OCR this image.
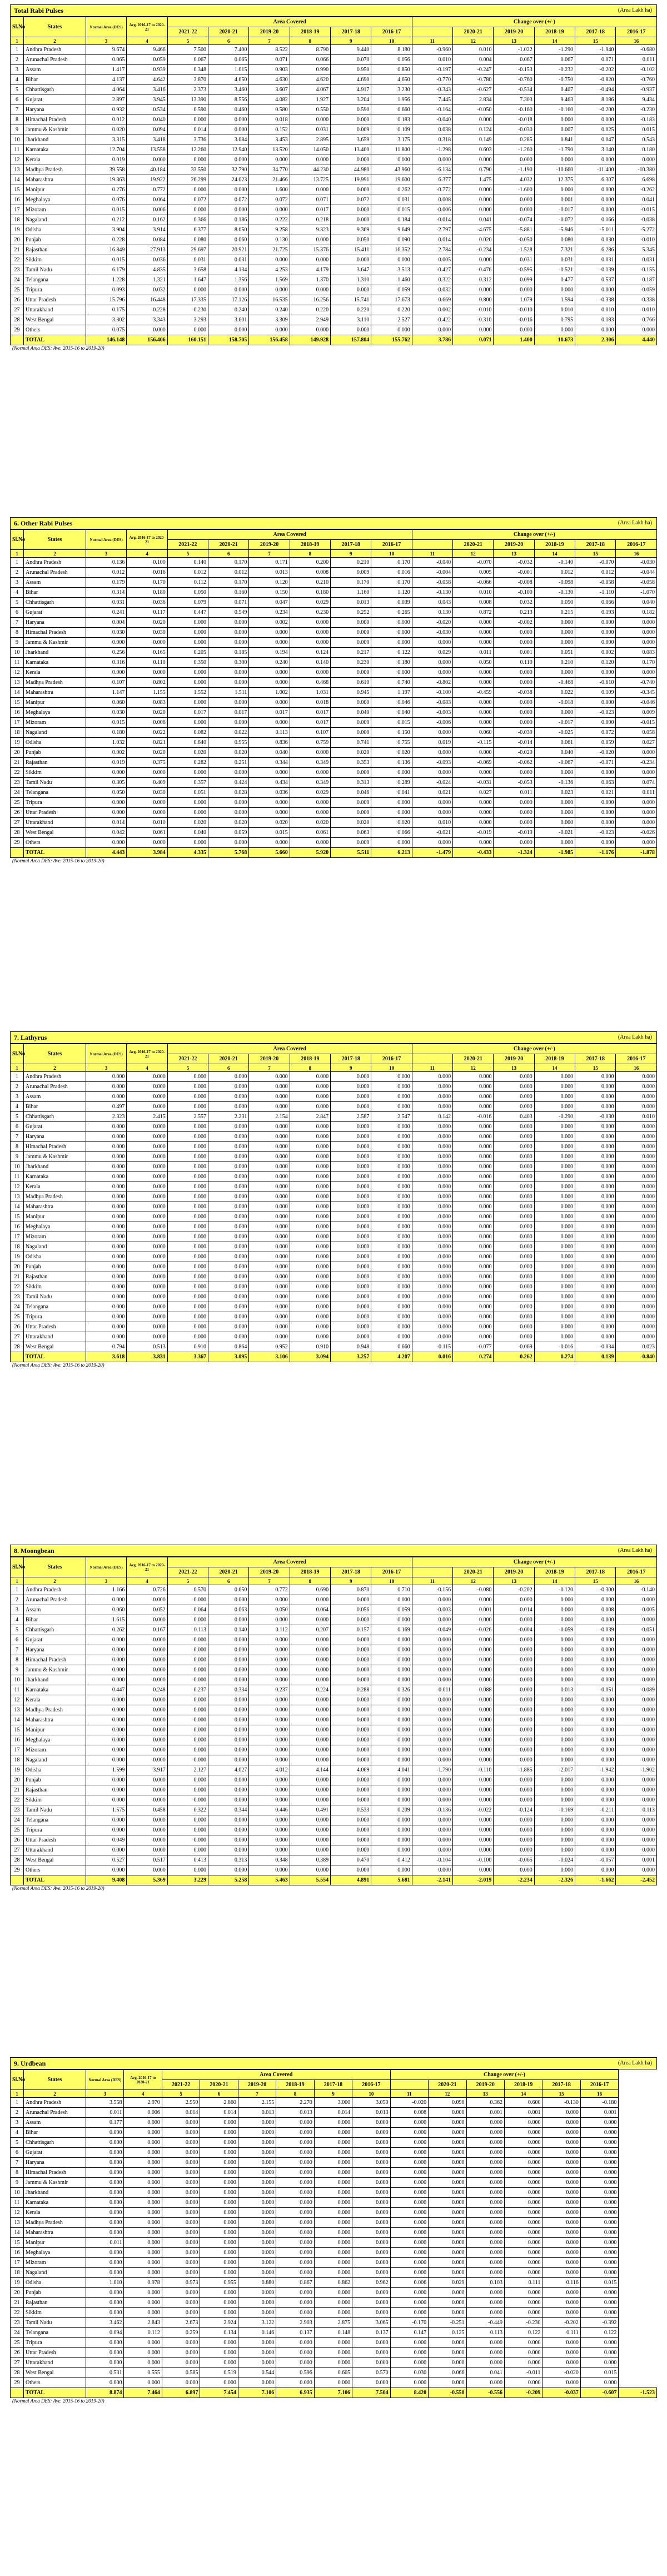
Total Rabi Pulses	(Area Lakh ha)
Sl.No	States	Normal Area (DES)	Avg. 2016-17 to 2020-21	Area Covered						Change over (+/-)					
				2021-22	2020-21	2019-20	2018-19	2017-18	2016-17		2020-21	2019-20	2018-19	2017-18	2016-17
1	2	3	4	5	6	7	8	9	10	11	12	13	14	15	16
1	Andhra Pradesh	9.674	9.466	7.500	7.400	8.522	8.790	9.440	8.180	-0.960	0.010	-1.022	-1.290	-1.940	-0.680
2	Arunachal Pradesh	0.065	0.059	0.067	0.065	0.071	0.066	0.070	0.056	0.010	0.004	0.067	0.067	0.071	0.011
3	Assam	1.417	0.939	0.348	1.015	0.903	0.990	0.950	0.850	-0.197	-0.247	-0.153	-0.232	-0.202	-0.102
4	Bihar	4.137	4.642	3.870	4.650	4.630	4.620	4.690	4.650	-0.770	-0.780	-0.760	-0.750	-0.820	-0.760
5	Chhattisgarh	4.064	3.416	2.373	3.460	3.607	4.067	4.917	3.230	-0.343	-0.627	-0.534	0.407	-0.494	-0.937
6	Gujarat	2.897	3.945	13.390	8.556	4.082	1.927	3.204	1.956	7.445	2.834	7.303	9.463	8.186	9.434
7	Haryana	0.932	0.534	0.590	0.460	0.580	0.550	0.590	0.660	-0.164	-0.050	-0.160	-0.160	-0.200	-0.230
8	Himachal Pradesh	0.012	0.040	0.000	0.000	0.018	0.000	0.000	0.183	-0.040	0.000	-0.018	0.000	0.000	-0.183
9	Jammu & Kashmir	0.020	0.094	0.014	0.000	0.152	0.031	0.009	0.109	0.038	0.124	-0.030	0.007	0.025	0.015
10	Jharkhand	3.315	3.418	3.736	3.084	3.453	2.895	3.659	3.175	0.318	0.149	0.285	0.841	0.047	0.543
11	Karnataka	12.704	13.558	12.260	12.940	13.520	14.050	13.400	11.800	-1.298	0.603	-1.260	-1.790	3.140	0.180
12	Kerala	0.019	0.000	0.000	0.000	0.000	0.000	0.000	0.000	0.000	0.000	0.000	0.000	0.000	0.000
13	Madhya Pradesh	39.558	40.184	33.550	32.790	34.770	44.230	44.980	43.960	-6.134	0.790	-1.190	-10.660	-11.400	-10.380
14	Maharashtra	19.363	19.922	26.299	24.023	21.466	13.725	19.991	19.600	6.377	1.475	4.032	12.375	6.307	6.698
15	Manipur	0.276	0.772	0.000	0.000	1.600	0.000	0.000	0.262	-0.772	0.000	-1.600	0.000	0.000	-0.262
16	Meghalaya	0.076	0.064	0.072	0.072	0.072	0.071	0.072	0.031	0.008	0.000	0.000	0.001	0.000	0.041
17	Mizoram	0.015	0.006	0.000	0.000	0.000	0.017	0.000	0.015	-0.006	0.000	0.000	-0.017	0.000	-0.015
18	Nagaland	0.212	0.162	0.366	0.186	0.222	0.218	0.000	0.184	-0.014	0.041	-0.074	-0.072	0.166	-0.038
19	Odisha	3.904	3.914	6.377	8.050	9.258	9.323	9.369	9.649	-2.797	-4.675	-5.881	-5.946	-5.011	-5.272
20	Punjab	0.228	0.084	0.080	0.060	0.130	0.000	0.050	0.090	0.014	0.020	-0.050	0.080	0.030	-0.010
21	Rajasthan	16.849	27.913	29.697	20.921	21.725	15.376	15.411	16.352	2.784	-0.234	-1.528	7.321	6.286	5.345
22	Sikkim	0.015	0.036	0.031	0.031	0.000	0.000	0.000	0.000	0.005	0.000	0.031	0.031	0.031	0.031
23	Tamil Nadu	6.179	4.835	3.658	4.134	4.253	4.179	3.647	3.513	-0.427	-0.476	-0.595	-0.521	-0.139	-0.155
24	Telangana	1.228	1.321	1.647	1.356	1.569	1.370	1.310	1.460	0.322	0.312	0.099	0.477	0.537	0.187
25	Tripura	0.093	0.032	0.000	0.000	0.000	0.000	0.000	0.059	-0.032	0.000	0.000	0.000	0.000	-0.059
26	Uttar Pradesh	15.796	16.448	17.335	17.126	16.535	16.256	15.741	17.673	0.669	0.800	1.079	1.594	-0.338	-0.338
27	Uttarakhand	0.175	0.228	0.230	0.240	0.240	0.220	0.220	0.220	0.002	-0.010	-0.010	0.010	0.010	0.010
28	West Bengal	3.302	3.343	3.293	3.601	3.309	2.949	3.110	2.527	-0.422	-0.310	-0.016	0.795	0.183	0.766
29	Others	0.075	0.000	0.000	0.000	0.000	0.000	0.000	0.000	0.000	0.000	0.000	0.000	0.000	0.000
	TOTAL	146.148	156.406	160.151	158.705	156.458	149.928	157.804	155.762	3.786	0.071	1.400	10.673	2.306	4.440
(Normal Area DES: Ave. 2015-16 to 2019-20)
6. Other Rabi Pulses	(Area Lakh ha)
Sl.No	States	Normal Area (DES)	Avg. 2016-17 to 2020-21	Area Covered						Change over (+/-)					
				2021-22	2020-21	2019-20	2018-19	2017-18	2016-17		2020-21	2019-20	2018-19	2017-18	2016-17
1	2	3	4	5	6	7	8	9	10	11	12	13	14	15	16
1	Andhra Pradesh	0.136	0.100	0.140	0.170	0.171	0.200	0.210	0.170	-0.040	-0.070	-0.032	-0.140	-0.070	-0.030
2	Arunachal Pradesh	0.012	0.016	0.012	0.012	0.013	0.008	0.009	0.016	-0.004	0.005	-0.001	0.012	0.012	-0.044
3	Assam	0.179	0.170	0.112	0.170	0.120	0.210	0.170	0.170	-0.058	-0.066	-0.008	-0.098	-0.058	-0.058
4	Bihar	0.314	0.180	0.050	0.160	0.150	0.180	1.160	1.120	-0.130	0.010	-0.100	-0.130	-1.110	-1.070
5	Chhattisgarh	0.031	0.036	0.079	0.071	0.047	0.029	0.013	0.039	0.043	0.008	0.032	0.050	0.066	0.040
6	Gujarat	0.241	0.117	0.447	0.549	0.234	0.230	0.252	0.265	0.130	0.872	0.213	0.215	0.193	0.182
7	Haryana	0.004	0.020	0.000	0.000	0.002	0.000	0.000	0.000	-0.020	0.000	-0.002	0.000	0.000	0.000
8	Himachal Pradesh	0.030	0.030	0.000	0.000	0.000	0.000	0.000	0.000	-0.030	0.000	0.000	0.000	0.000	0.000
9	Jammu & Kashmir	0.000	0.000	0.000	0.000	0.000	0.000	0.000	0.000	0.000	0.000	0.000	0.000	0.000	0.000
10	Jharkhand	0.256	0.165	0.205	0.185	0.194	0.124	0.217	0.122	0.029	0.011	0.001	0.051	0.002	0.083
11	Karnataka	0.316	0.110	0.350	0.300	0.240	0.140	0.230	0.180	0.000	0.050	0.110	0.210	0.120	0.170
12	Kerala	0.000	0.000	0.000	0.000	0.000	0.000	0.000	0.000	0.000	0.000	0.000	0.000	0.000	0.000
13	Madhya Pradesh	0.107	0.802	0.000	0.000	0.000	0.468	0.610	0.740	-0.802	0.000	0.000	-0.468	-0.610	-0.740
14	Maharashtra	1.147	1.155	1.552	1.511	1.002	1.031	0.945	1.197	-0.100	-0.459	-0.038	0.022	0.109	-0.345
15	Manipur	0.060	0.083	0.000	0.000	0.000	0.018	0.000	0.046	-0.083	0.000	0.000	-0.018	0.000	-0.046
16	Meghalaya	0.030	0.020	0.017	0.017	0.017	0.017	0.040	0.040	-0.003	0.000	0.000	0.000	-0.023	0.009
17	Mizoram	0.015	0.006	0.000	0.000	0.000	0.017	0.000	0.015	-0.006	0.000	0.000	-0.017	0.000	-0.015
18	Nagaland	0.180	0.022	0.082	0.022	0.113	0.107	0.000	0.150	0.000	0.060	-0.039	-0.025	0.072	0.058
19	Odisha	1.032	0.821	0.840	0.955	0.836	0.759	0.741	0.755	0.019	-0.115	-0.014	0.061	0.059	0.027
20	Punjab	0.002	0.020	0.020	0.020	0.040	0.000	0.020	0.020	0.000	0.000	-0.020	0.040	-0.020	0.000
21	Rajasthan	0.019	0.375	0.282	0.251	0.344	0.349	0.353	0.136	-0.093	-0.069	-0.062	-0.067	-0.071	-0.234
22	Sikkim	0.000	0.000	0.000	0.000	0.000	0.000	0.000	0.000	0.000	0.000	0.000	0.000	0.000	0.000
23	Tamil Nadu	0.305	0.409	0.357	0.424	0.434	0.349	0.313	0.289	-0.024	-0.031	-0.053	-0.136	0.063	0.074
24	Telangana	0.050	0.030	0.051	0.028	0.036	0.029	0.046	0.041	0.021	0.027	0.011	0.023	0.021	0.011
25	Tripura	0.000	0.000	0.000	0.000	0.000	0.000	0.000	0.000	0.000	0.000	0.000	0.000	0.000	0.000
26	Uttar Pradesh	0.000	0.000	0.000	0.000	0.000	0.000	0.000	0.000	0.000	0.000	0.000	0.000	0.000	0.000
27	Uttarakhand	0.014	0.010	0.020	0.020	0.020	0.020	0.020	0.020	0.010	0.000	0.000	0.000	0.000	0.000
28	West Bengal	0.042	0.061	0.040	0.059	0.015	0.061	0.063	0.066	-0.021	-0.019	-0.019	-0.021	-0.023	-0.026
29	Others	0.000	0.000	0.000	0.000	0.000	0.000	0.000	0.000	0.000	0.000	0.000	0.000	0.000	0.000
	TOTAL	4.443	3.984	4.335	5.768	5.660	5.920	5.511	6.213	-1.479	-0.433	-1.324	-1.985	-1.176	-1.878
(Normal Area DES: Ave. 2015-16 to 2019-20)
7. Lathyrus	(Area Lakh ha)
Sl.No	States	Normal Area (DES)	Avg. 2016-17 to 2020-21	Area Covered						Change over (+/-)					
				2021-22	2020-21	2019-20	2018-19	2017-18	2016-17		2020-21	2019-20	2018-19	2017-18	2016-17
1	2	3	4	5	6	7	8	9	10	11	12	13	14	15	16
1	Andhra Pradesh	0.000	0.000	0.000	0.000	0.000	0.000	0.000	0.000	0.000	0.000	0.000	0.000	0.000	0.000
2	Arunachal Pradesh	0.000	0.000	0.000	0.000	0.000	0.000	0.000	0.000	0.000	0.000	0.000	0.000	0.000	0.000
3	Assam	0.000	0.000	0.000	0.000	0.000	0.000	0.000	0.000	0.000	0.000	0.000	0.000	0.000	0.000
4	Bihar	0.497	0.000	0.000	0.000	0.000	0.000	0.000	0.000	0.000	0.000	0.000	0.000	0.000	0.000
5	Chhattisgarh	2.323	2.415	2.557	2.231	2.154	2.847	2.587	2.547	0.142	-0.016	0.403	-0.290	-0.030	0.010
6	Gujarat	0.000	0.000	0.000	0.000	0.000	0.000	0.000	0.000	0.000	0.000	0.000	0.000	0.000	0.000
7	Haryana	0.000	0.000	0.000	0.000	0.000	0.000	0.000	0.000	0.000	0.000	0.000	0.000	0.000	0.000
8	Himachal Pradesh	0.000	0.000	0.000	0.000	0.000	0.000	0.000	0.000	0.000	0.000	0.000	0.000	0.000	0.000
9	Jammu & Kashmir	0.000	0.000	0.000	0.000	0.000	0.000	0.000	0.000	0.000	0.000	0.000	0.000	0.000	0.000
10	Jharkhand	0.000	0.000	0.000	0.000	0.000	0.000	0.000	0.000	0.000	0.000	0.000	0.000	0.000	0.000
11	Karnataka	0.000	0.000	0.000	0.000	0.000	0.000	0.000	0.000	0.000	0.000	0.000	0.000	0.000	0.000
12	Kerala	0.000	0.000	0.000	0.000	0.000	0.000	0.000	0.000	0.000	0.000	0.000	0.000	0.000	0.000
13	Madhya Pradesh	0.000	0.000	0.000	0.000	0.000	0.000	0.000	0.000	0.000	0.000	0.000	0.000	0.000	0.000
14	Maharashtra	0.000	0.000	0.000	0.000	0.000	0.000	0.000	0.000	0.000	0.000	0.000	0.000	0.000	0.000
15	Manipur	0.000	0.000	0.000	0.000	0.000	0.000	0.000	0.000	0.000	0.000	0.000	0.000	0.000	0.000
16	Meghalaya	0.000	0.000	0.000	0.000	0.000	0.000	0.000	0.000	0.000	0.000	0.000	0.000	0.000	0.000
17	Mizoram	0.000	0.000	0.000	0.000	0.000	0.000	0.000	0.000	0.000	0.000	0.000	0.000	0.000	0.000
18	Nagaland	0.000	0.000	0.000	0.000	0.000	0.000	0.000	0.000	0.000	0.000	0.000	0.000	0.000	0.000
19	Odisha	0.000	0.000	0.000	0.000	0.000	0.000	0.000	0.000	0.000	0.000	0.000	0.000	0.000	0.000
20	Punjab	0.000	0.000	0.000	0.000	0.000	0.000	0.000	0.000	0.000	0.000	0.000	0.000	0.000	0.000
21	Rajasthan	0.000	0.000	0.000	0.000	0.000	0.000	0.000	0.000	0.000	0.000	0.000	0.000	0.000	0.000
22	Sikkim	0.000	0.000	0.000	0.000	0.000	0.000	0.000	0.000	0.000	0.000	0.000	0.000	0.000	0.000
23	Tamil Nadu	0.000	0.000	0.000	0.000	0.000	0.000	0.000	0.000	0.000	0.000	0.000	0.000	0.000	0.000
24	Telangana	0.000	0.000	0.000	0.000	0.000	0.000	0.000	0.000	0.000	0.000	0.000	0.000	0.000	0.000
25	Tripura	0.000	0.000	0.000	0.000	0.000	0.000	0.000	0.000	0.000	0.000	0.000	0.000	0.000	0.000
26	Uttar Pradesh	0.000	0.000	0.000	0.000	0.000	0.000	0.000	0.000	0.000	0.000	0.000	0.000	0.000	0.000
27	Uttarakhand	0.000	0.000	0.000	0.000	0.000	0.000	0.000	0.000	0.000	0.000	0.000	0.000	0.000	0.000
28	West Bengal	0.794	0.513	0.910	0.864	0.952	0.910	0.948	0.660	-0.115	-0.077	-0.069	-0.016	-0.034	0.023
	TOTAL	3.618	3.831	3.367	3.095	3.106	3.094	3.257	4.207	0.016	0.274	0.262	0.274	0.139	-0.840
(Normal Area DES: Ave. 2015-16 to 2019-20)
8. Moongbean	(Area Lakh ha)
Sl.No	States	Normal Area (DES)	Avg. 2016-17 to 2020-21	Area Covered						Change over (+/-)					
				2021-22	2020-21	2019-20	2018-19	2017-18	2016-17		2020-21	2019-20	2018-19	2017-18	2016-17
1	2	3	4	5	6	7	8	9	10	11	12	13	14	15	16
1	Andhra Pradesh	1.166	0.726	0.570	0.650	0.772	0.690	0.870	0.710	-0.156	-0.080	-0.202	-0.120	-0.300	-0.140
2	Arunachal Pradesh	0.000	0.000	0.000	0.000	0.000	0.000	0.000	0.000	0.000	0.000	0.000	0.000	0.000	0.000
3	Assam	0.060	0.052	0.064	0.063	0.050	0.064	0.056	0.059	-0.003	0.001	0.014	0.000	0.008	0.005
4	Bihar	1.615	0.000	0.000	0.000	0.000	0.000	0.000	0.000	0.000	0.000	0.000	0.000	0.000	0.000
5	Chhattisgarh	0.262	0.167	0.113	0.140	0.112	0.207	0.157	0.169	-0.049	-0.026	-0.004	-0.059	-0.039	-0.051
6	Gujarat	0.000	0.000	0.000	0.000	0.000	0.000	0.000	0.000	0.000	0.000	0.000	0.000	0.000	0.000
7	Haryana	0.000	0.000	0.000	0.000	0.000	0.000	0.000	0.000	0.000	0.000	0.000	0.000	0.000	0.000
8	Himachal Pradesh	0.000	0.000	0.000	0.000	0.000	0.000	0.000	0.000	0.000	0.000	0.000	0.000	0.000	0.000
9	Jammu & Kashmir	0.000	0.000	0.000	0.000	0.000	0.000	0.000	0.000	0.000	0.000	0.000	0.000	0.000	0.000
10	Jharkhand	0.000	0.000	0.000	0.000	0.000	0.000	0.000	0.000	0.000	0.000	0.000	0.000	0.000	0.000
11	Karnataka	0.447	0.248	0.237	0.334	0.237	0.224	0.288	0.326	-0.011	0.088	0.000	0.013	-0.051	-0.089
12	Kerala	0.000	0.000	0.000	0.000	0.000	0.000	0.000	0.000	0.000	0.000	0.000	0.000	0.000	0.000
13	Madhya Pradesh	0.000	0.000	0.000	0.000	0.000	0.000	0.000	0.000	0.000	0.000	0.000	0.000	0.000	0.000
14	Maharashtra	0.000	0.000	0.000	0.000	0.000	0.000	0.000	0.000	0.000	0.000	0.000	0.000	0.000	0.000
15	Manipur	0.000	0.000	0.000	0.000	0.000	0.000	0.000	0.000	0.000	0.000	0.000	0.000	0.000	0.000
16	Meghalaya	0.000	0.000	0.000	0.000	0.000	0.000	0.000	0.000	0.000	0.000	0.000	0.000	0.000	0.000
17	Mizoram	0.000	0.000	0.000	0.000	0.000	0.000	0.000	0.000	0.000	0.000	0.000	0.000	0.000	0.000
18	Nagaland	0.000	0.000	0.000	0.000	0.000	0.000	0.000	0.000	0.000	0.000	0.000	0.000	0.000	0.000
19	Odisha	1.599	3.917	2.127	4.027	4.012	4.144	4.069	4.041	-1.790	-0.110	-1.885	-2.017	-1.942	-1.902
20	Punjab	0.000	0.000	0.000	0.000	0.000	0.000	0.000	0.000	0.000	0.000	0.000	0.000	0.000	0.000
21	Rajasthan	0.000	0.000	0.000	0.000	0.000	0.000	0.000	0.000	0.000	0.000	0.000	0.000	0.000	0.000
22	Sikkim	0.000	0.000	0.000	0.000	0.000	0.000	0.000	0.000	0.000	0.000	0.000	0.000	0.000	0.000
23	Tamil Nadu	1.575	0.458	0.322	0.344	0.446	0.491	0.533	0.209	-0.136	-0.022	-0.124	-0.169	-0.211	0.113
24	Telangana	0.000	0.000	0.000	0.000	0.000	0.000	0.000	0.000	0.000	0.000	0.000	0.000	0.000	0.000
25	Tripura	0.000	0.000	0.000	0.000	0.000	0.000	0.000	0.000	0.000	0.000	0.000	0.000	0.000	0.000
26	Uttar Pradesh	0.049	0.000	0.000	0.000	0.000	0.000	0.000	0.000	0.000	0.000	0.000	0.000	0.000	0.000
27	Uttarakhand	0.000	0.000	0.000	0.000	0.000	0.000	0.000	0.000	0.000	0.000	0.000	0.000	0.000	0.000
28	West Bengal	0.527	0.517	0.413	0.313	0.348	0.389	0.470	0.412	-0.104	-0.100	-0.065	-0.024	-0.057	0.001
29	Others	0.000	0.000	0.000	0.000	0.000	0.000	0.000	0.000	0.000	0.000	0.000	0.000	0.000	0.000
	TOTAL	9.408	5.369	3.229	5.258	5.463	5.554	4.891	5.681	-2.141	-2.019	-2.234	-2.326	-1.662	-2.452
(Normal Area DES: Ave. 2015-16 to 2019-20)
9. Urdbean	(Area Lakh ha)
Sl.No	States	Normal Area (DES)	Avg. 2016-17 to 2020-21	Area Covered						Change over (+/-)						
				2021-22	2020-21	2019-20	2018-19	2017-18	2016-17		2020-21	2019-20	2018-19	2017-18	2016-17	
1	2	3	4	5	6	7	8	9	10	11	12	13	14	15	16	
1	Andhra Pradesh	3.558	2.970	2.950	2.860	2.155	2.270	3.000	3.050	-0.020	0.090	0.362	0.600	-0.130	-0.180	
2	Arunachal Pradesh	0.011	0.006	0.014	0.014	0.013	0.013	0.014	0.013	0.008	0.000	0.001	0.001	0.000	0.001	
3	Assam	0.177	0.000	0.000	0.000	0.000	0.000	0.000	0.000	0.000	0.000	0.000	0.000	0.000	0.000	
4	Bihar	0.000	0.000	0.000	0.000	0.000	0.000	0.000	0.000	0.000	0.000	0.000	0.000	0.000	0.000	
5	Chhattisgarh	0.000	0.000	0.000	0.000	0.000	0.000	0.000	0.000	0.000	0.000	0.000	0.000	0.000	0.000	
6	Gujarat	0.000	0.000	0.000	0.000	0.000	0.000	0.000	0.000	0.000	0.000	0.000	0.000	0.000	0.000	
7	Haryana	0.000	0.000	0.000	0.000	0.000	0.000	0.000	0.000	0.000	0.000	0.000	0.000	0.000	0.000	
8	Himachal Pradesh	0.000	0.000	0.000	0.000	0.000	0.000	0.000	0.000	0.000	0.000	0.000	0.000	0.000	0.000	
9	Jammu & Kashmir	0.000	0.000	0.000	0.000	0.000	0.000	0.000	0.000	0.000	0.000	0.000	0.000	0.000	0.000	
10	Jharkhand	0.000	0.000	0.000	0.000	0.000	0.000	0.000	0.000	0.000	0.000	0.000	0.000	0.000	0.000	
11	Karnataka	0.000	0.000	0.000	0.000	0.000	0.000	0.000	0.000	0.000	0.000	0.000	0.000	0.000	0.000	
12	Kerala	0.000	0.000	0.000	0.000	0.000	0.000	0.000	0.000	0.000	0.000	0.000	0.000	0.000	0.000	
13	Madhya Pradesh	0.000	0.000	0.000	0.000	0.000	0.000	0.000	0.000	0.000	0.000	0.000	0.000	0.000	0.000	
14	Maharashtra	0.000	0.000	0.000	0.000	0.000	0.000	0.000	0.000	0.000	0.000	0.000	0.000	0.000	0.000	
15	Manipur	0.011	0.000	0.000	0.000	0.000	0.000	0.000	0.000	0.000	0.000	0.000	0.000	0.000	0.000	
16	Meghalaya	0.000	0.000	0.000	0.000	0.000	0.000	0.000	0.000	0.000	0.000	0.000	0.000	0.000	0.000	
17	Mizoram	0.000	0.000	0.000	0.000	0.000	0.000	0.000	0.000	0.000	0.000	0.000	0.000	0.000	0.000	
18	Nagaland	0.000	0.000	0.000	0.000	0.000	0.000	0.000	0.000	0.000	0.000	0.000	0.000	0.000	0.000	
19	Odisha	1.010	0.978	0.973	0.955	0.880	0.867	0.862	0.962	0.006	0.029	0.103	0.111	0.116	0.015	
20	Punjab	0.000	0.000	0.000	0.000	0.000	0.000	0.000	0.000	0.000	0.000	0.000	0.000	0.000	0.000	
21	Rajasthan	0.000	0.000	0.000	0.000	0.000	0.000	0.000	0.000	0.000	0.000	0.000	0.000	0.000	0.000	
22	Sikkim	0.000	0.000	0.000	0.000	0.000	0.000	0.000	0.000	0.000	0.000	0.000	0.000	0.000	0.000	
23	Tamil Nadu	3.462	2.843	2.673	2.924	3.122	2.903	2.875	3.065	-0.170	-0.251	-0.449	-0.230	-0.202	-0.392	
24	Telangana	0.094	0.112	0.259	0.134	0.146	0.137	0.148	0.137	0.147	0.125	0.113	0.122	0.111	0.122	
25	Tripura	0.000	0.000	0.000	0.000	0.000	0.000	0.000	0.000	0.000	0.000	0.000	0.000	0.000	0.000	
26	Uttar Pradesh	0.000	0.000	0.000	0.000	0.000	0.000	0.000	0.000	0.000	0.000	0.000	0.000	0.000	0.000	
27	Uttarakhand	0.000	0.000	0.000	0.000	0.000	0.000	0.000	0.000	0.000	0.000	0.000	0.000	0.000	0.000	
28	West Bengal	0.531	0.555	0.585	0.519	0.544	0.596	0.605	0.570	0.030	0.066	0.041	-0.011	-0.020	0.015	
29	Others	0.000	0.000	0.000	0.000	0.000	0.000	0.000	0.000	0.000	0.000	0.000	0.000	0.000	0.000	
	TOTAL	8.874	7.464	6.897	7.454	7.106	6.935	7.106	7.504	8.420	-0.550	-0.556	-0.209	-0.037	-0.607	-1.523
(Normal Area DES: Ave. 2015-16 to 2019-20)
